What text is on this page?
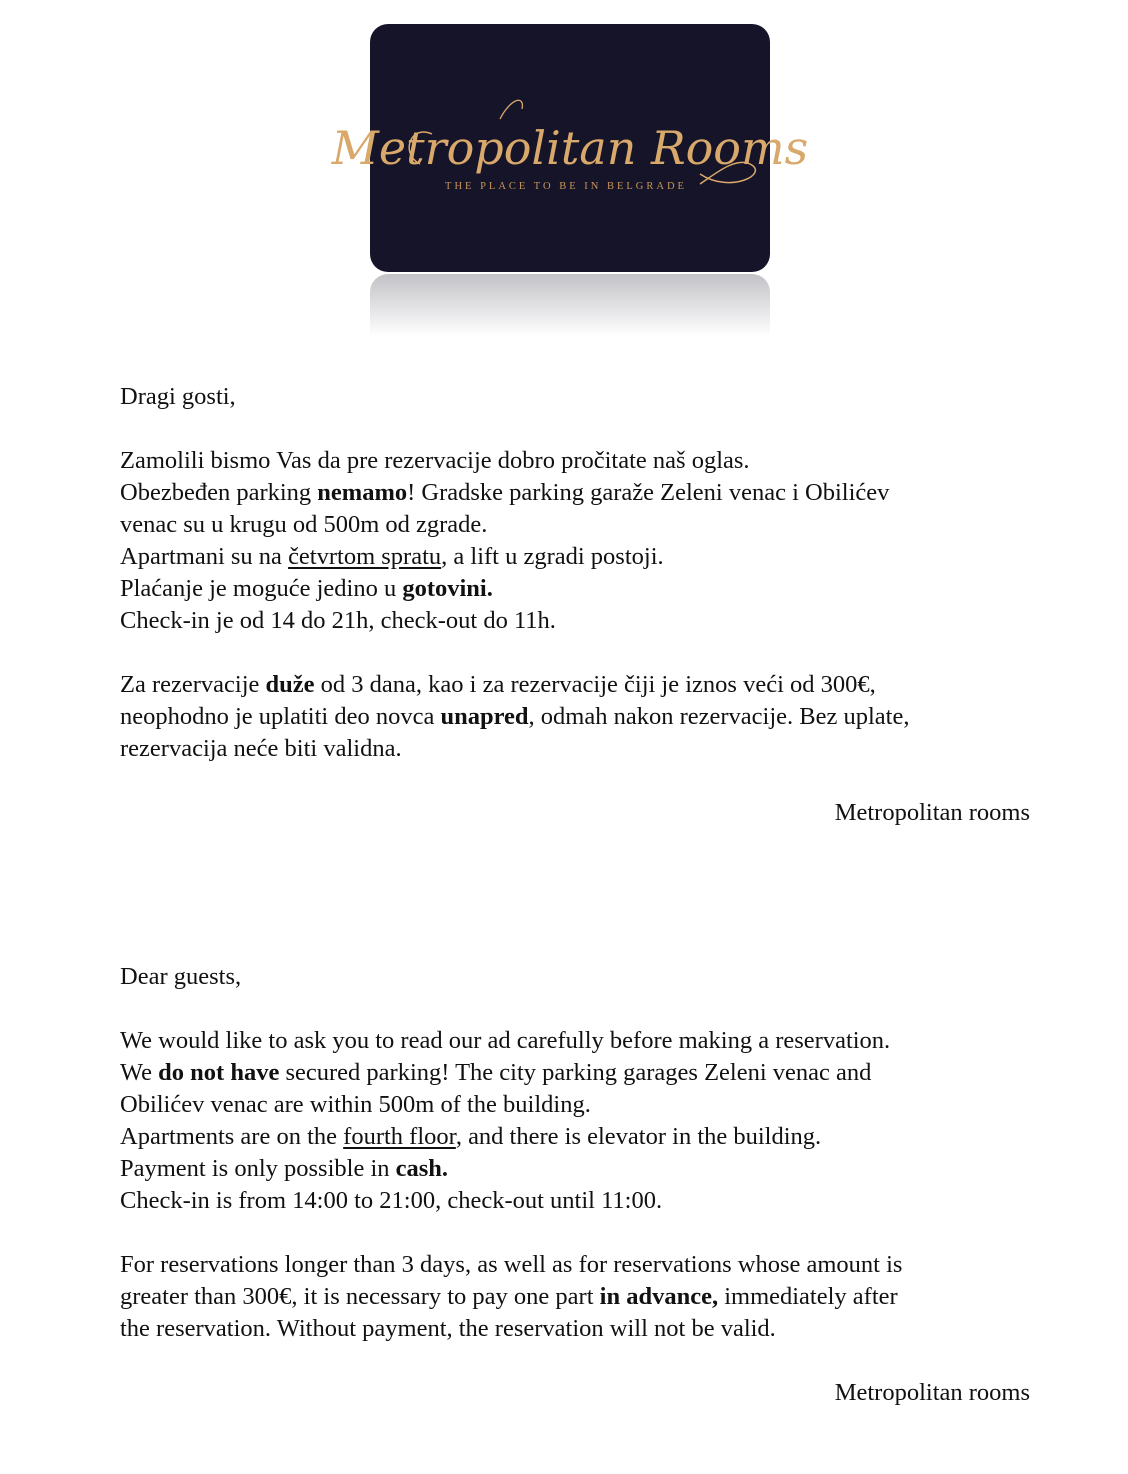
Metropolitan Rooms
THE PLACE TO BE IN BELGRADE

Dragi gosti,

Zamolili bismo Vas da pre rezervacije dobro pročitate naš oglas.

Obezbeđen parking nemamo! Gradske parking garaže Zeleni venac i Obilićev

venac su u krugu od 500m od zgrade.

Apartmani su na četvrtom spratu, a lift u zgradi postoji.

Plaćanje je moguće jedino u gotovini.

Check-in je od 14 do 21h, check-out do 11h.

Za rezervacije duže od 3 dana, kao i za rezervacije čiji je iznos veći od 300€,

neophodno je uplatiti deo novca unapred, odmah nakon rezervacije. Bez uplate,

rezervacija neće biti validna.

Metropolitan rooms

Dear guests,

We would like to ask you to read our ad carefully before making a reservation.

We do not have secured parking! The city parking garages Zeleni venac and

Obilićev venac are within 500m of the building.

Apartments are on the fourth floor, and there is elevator in the building.

Payment is only possible in cash.

Check-in is from 14:00 to 21:00, check-out until 11:00.

For reservations longer than 3 days, as well as for reservations whose amount is

greater than 300€, it is necessary to pay one part in advance, immediately after

the reservation. Without payment, the reservation will not be valid.

Metropolitan rooms
